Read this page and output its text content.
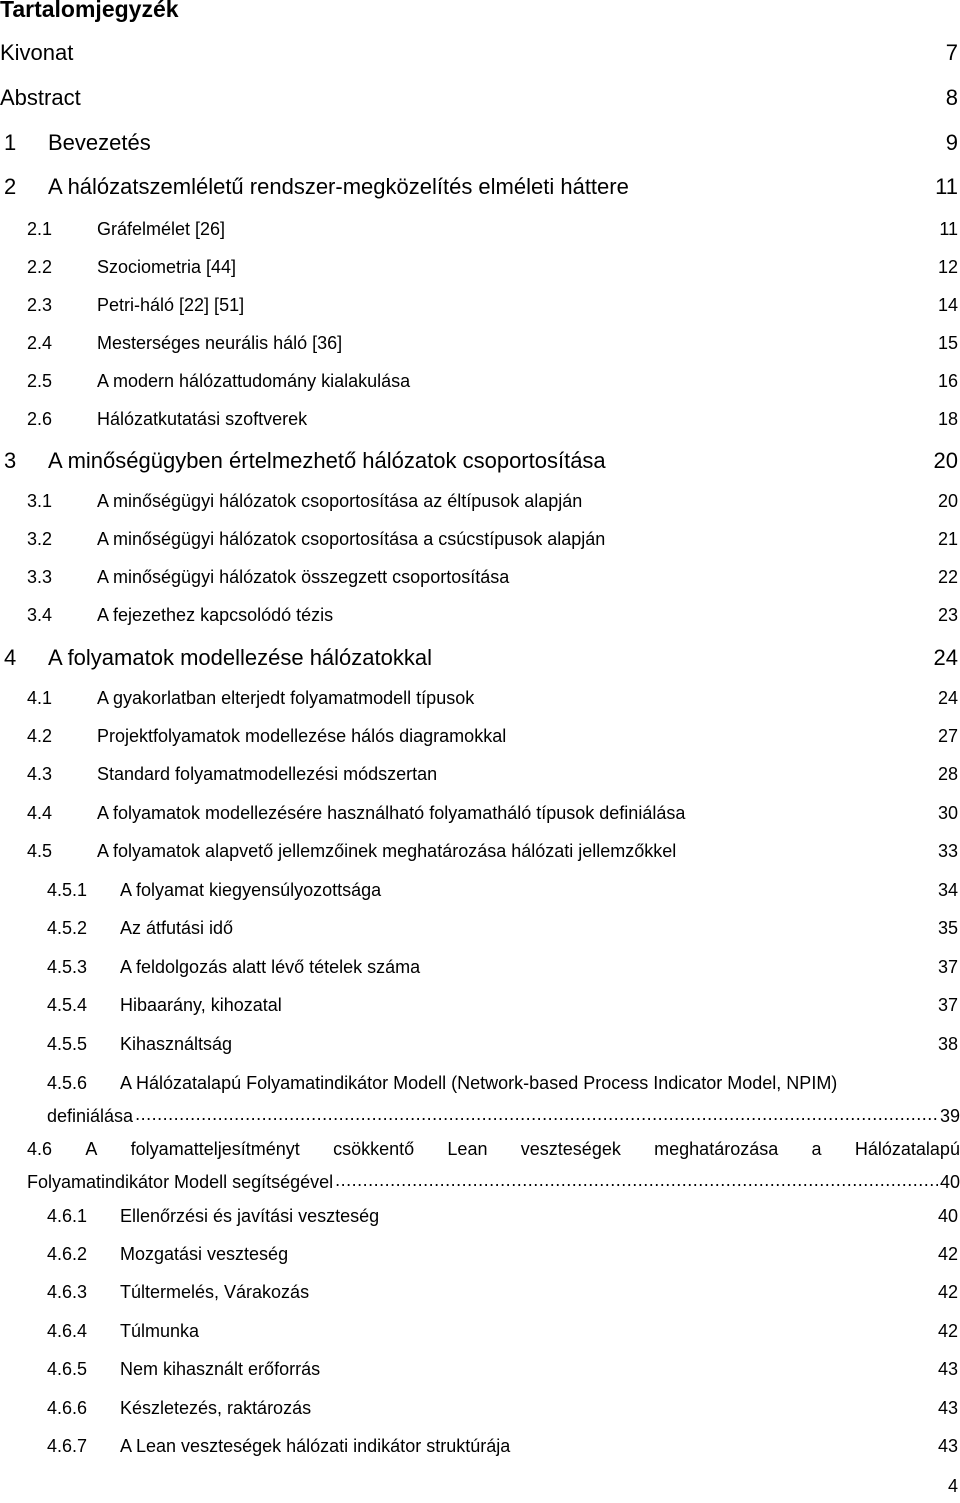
Tartalomjegyzék
Kivonat	7
Abstract	8
1	Bevezetés	9
2	A hálózatszemléletű rendszer-megközelítés elméleti háttere	11
2.1	Gráfelmélet [26]	11
2.2	Szociometria [44]	12
2.3	Petri-háló [22] [51]	14
2.4	Mesterséges neurális háló [36]	15
2.5	A modern hálózattudomány kialakulása	16
2.6	Hálózatkutatási szoftverek	18
3	A minőségügyben értelmezhető hálózatok csoportosítása	20
3.1	A minőségügyi hálózatok csoportosítása az éltípusok alapján	20
3.2	A minőségügyi hálózatok csoportosítása a csúcstípusok alapján	21
3.3	A minőségügyi hálózatok összegzett csoportosítása	22
3.4	A fejezethez kapcsolódó tézis	23
4	A folyamatok modellezése hálózatokkal	24
4.1	A gyakorlatban elterjedt folyamatmodell típusok	24
4.2	Projektfolyamatok modellezése hálós diagramokkal	27
4.3	Standard folyamatmodellezési módszertan	28
4.4	A folyamatok modellezésére használható folyamatháló típusok definiálása	30
4.5	A folyamatok alapvető jellemzőinek meghatározása hálózati jellemzőkkel	33
4.5.1	A folyamat kiegyensúlyozottsága	34
4.5.2	Az átfutási idő	35
4.5.3	A feldolgozás alatt lévő tételek száma	37
4.5.4	Hibaarány, kihozatal	37
4.5.5	Kihasználtság	38
4.5.6	A Hálózatalapú Folyamatindikátor Modell (Network-based Process Indicator Model, NPIM)
definiálása .....	39
4.6 A folyamatteljesítményt csökkentő Lean veszteségek meghatározása a Hálózatalapú
Folyamatindikátor Modell segítségével .....	40
4.6.1	Ellenőrzési és javítási veszteség	40
4.6.2	Mozgatási veszteség	42
4.6.3	Túltermelés, Várakozás	42
4.6.4	Túlmunka	42
4.6.5	Nem kihasznált erőforrás	43
4.6.6	Készletezés, raktározás	43
4.6.7	A Lean veszteségek hálózati indikátor struktúrája	43
4
